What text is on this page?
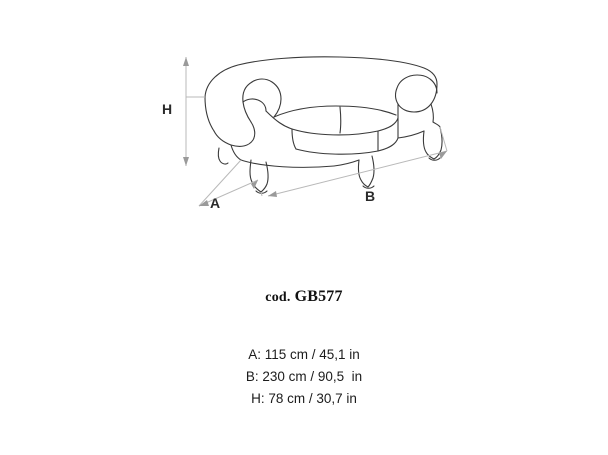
H
A	B
cod. GB577
A: 115 cm / 45,1 in
B: 230 cm / 90,5  in
H: 78 cm / 30,7 in
